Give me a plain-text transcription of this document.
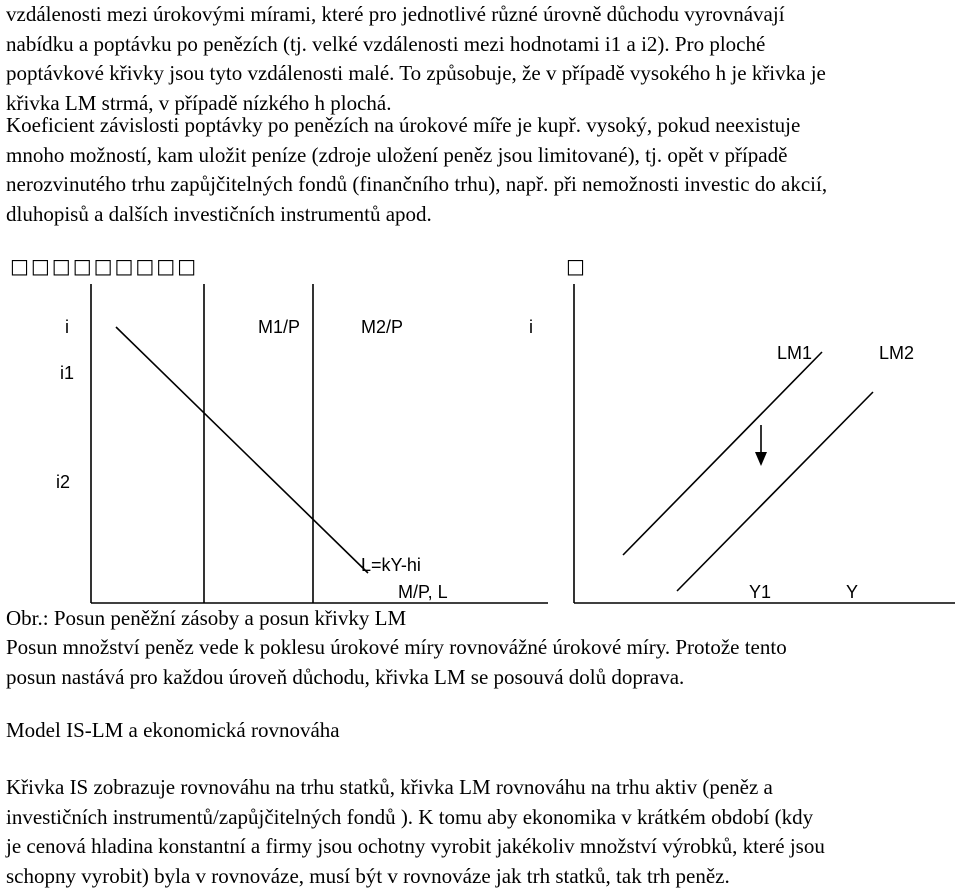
vzdálenosti mezi úrokovými mírami, které pro jednotlivé různé úrovně důchodu vyrovnávají
nabídku a poptávku po penězích (tj. velké vzdálenosti mezi hodnotami i1 a i2). Pro ploché
poptávkové křivky jsou tyto vzdálenosti malé. To způsobuje, že v případě vysokého h je křivka je
křivka LM strmá, v případě nízkého h plochá.
Koeficient závislosti poptávky po penězích na úrokové míře je kupř. vysoký, pokud neexistuje
mnoho možností, kam uložit peníze (zdroje uložení peněz jsou limitované), tj. opět v případě
nerozvinutého trhu zapůjčitelných fondů (finančního trhu), např. při nemožnosti investic do akcií,
dluhopisů a dalších investičních instrumentů apod.
□□□□□□□□□	□
i	M1/P	M2/P
i1
i2
L=kY-hi
M/P, L
i
LM1	LM2
Y1	Y
Obr.: Posun peněžní zásoby a posun křivky LM
Posun množství peněz vede k poklesu úrokové míry rovnovážné úrokové míry. Protože tento
posun nastává pro každou úroveň důchodu, křivka LM se posouvá dolů doprava.
Model IS-LM a ekonomická rovnováha
Křivka IS zobrazuje rovnováhu na trhu statků, křivka LM rovnováhu na trhu aktiv (peněz a
investičních instrumentů/zapůjčitelných fondů ). K tomu aby ekonomika v krátkém období (kdy
je cenová hladina konstantní a firmy jsou ochotny vyrobit jakékoliv množství výrobků, které jsou
schopny vyrobit) byla v rovnováze, musí být v rovnováze jak trh statků, tak trh peněz.
